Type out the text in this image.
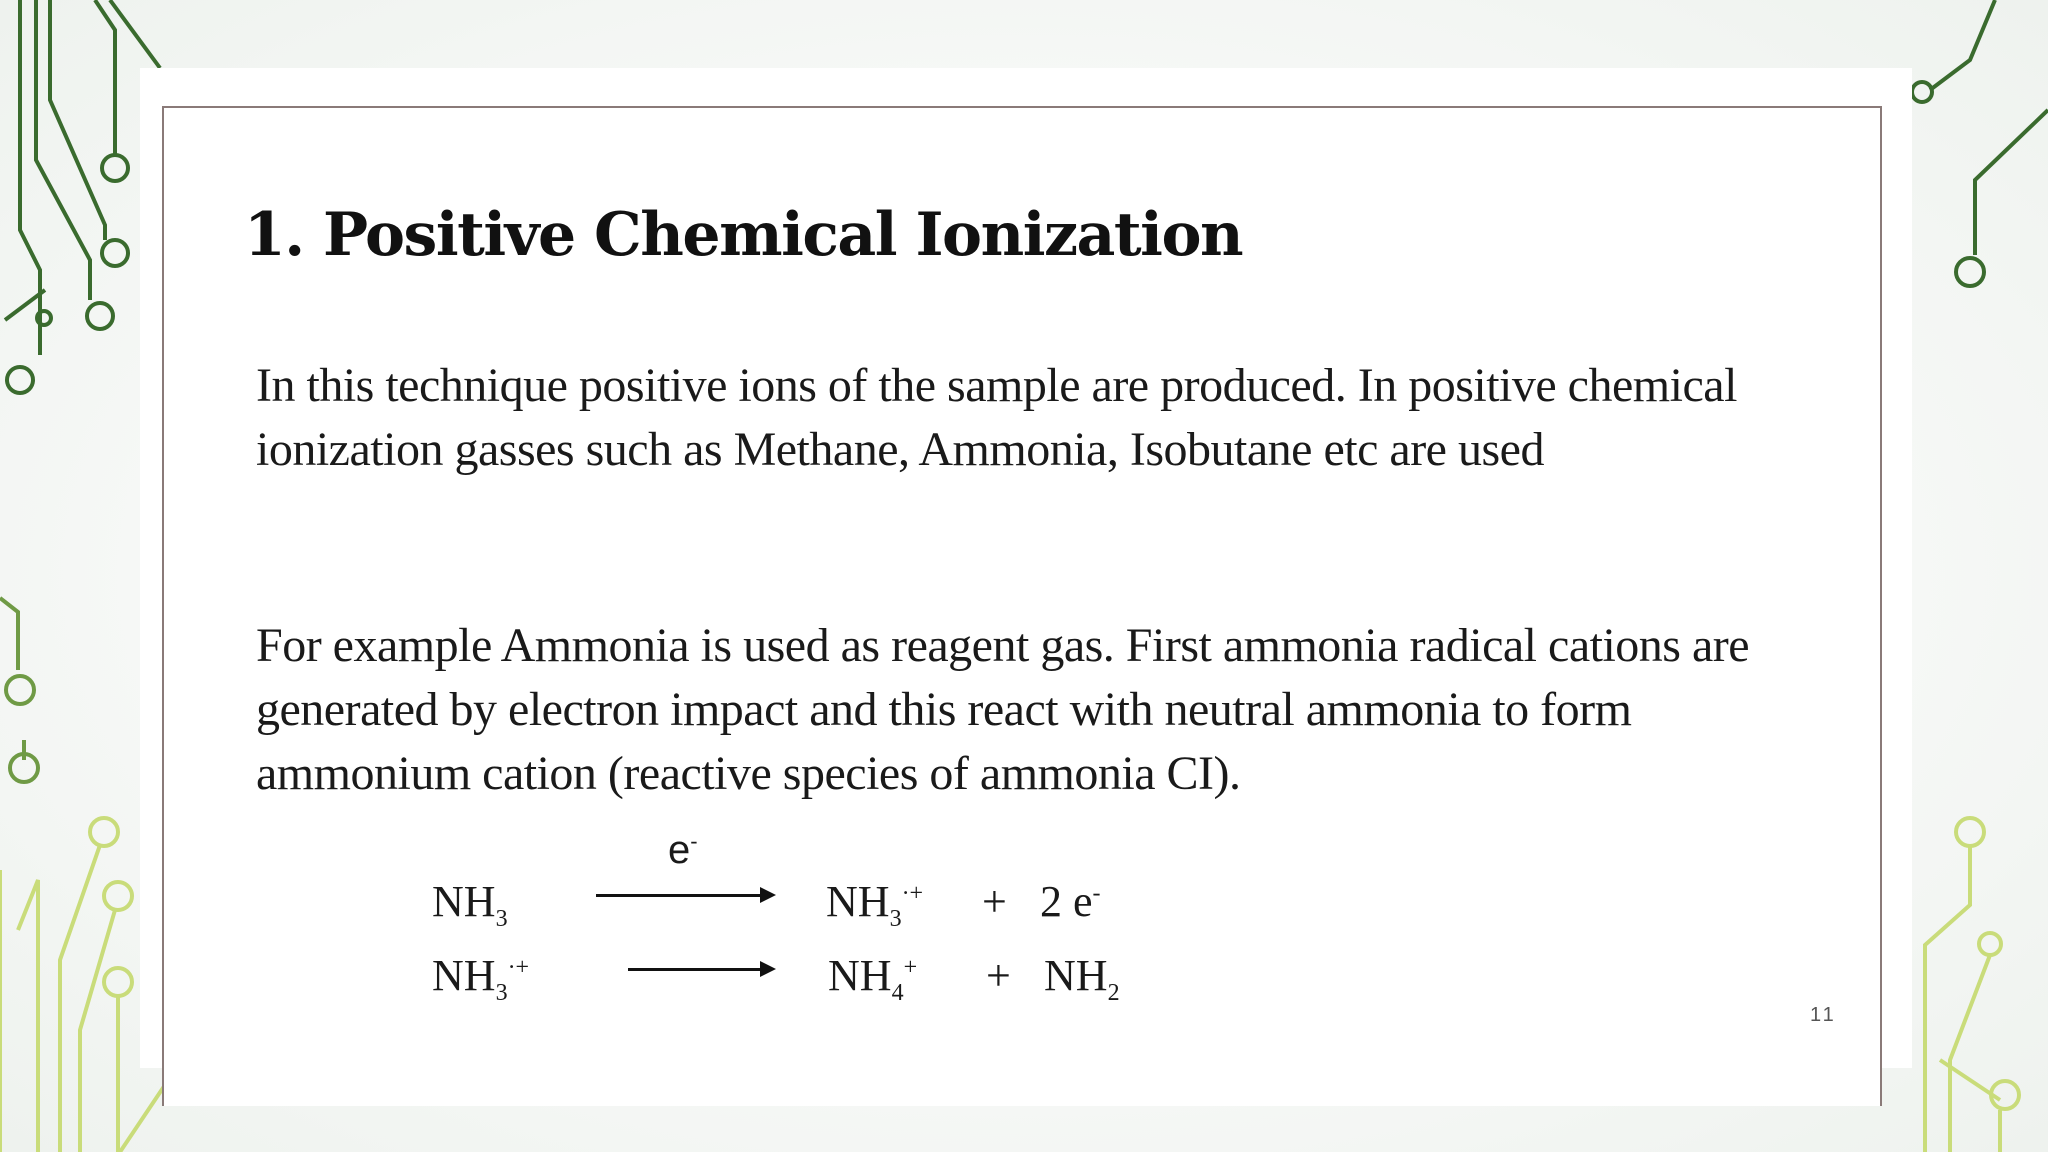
1. Positive Chemical Ionization

In this technique positive ions of the sample are produced. In positive chemical ionization gasses such as Methane, Ammonia, Isobutane etc are used

For example Ammonia is used as reagent gas. First ammonia radical cations are generated by electron impact and this react with neutral ammonia to form ammonium cation (reactive species of ammonia CI).

$NH_3$
e-
$NH_3^{\cdot+} + 2$ e-
$NH_3^{\cdot+}$	$NH_4^+ + NH_2$
11
